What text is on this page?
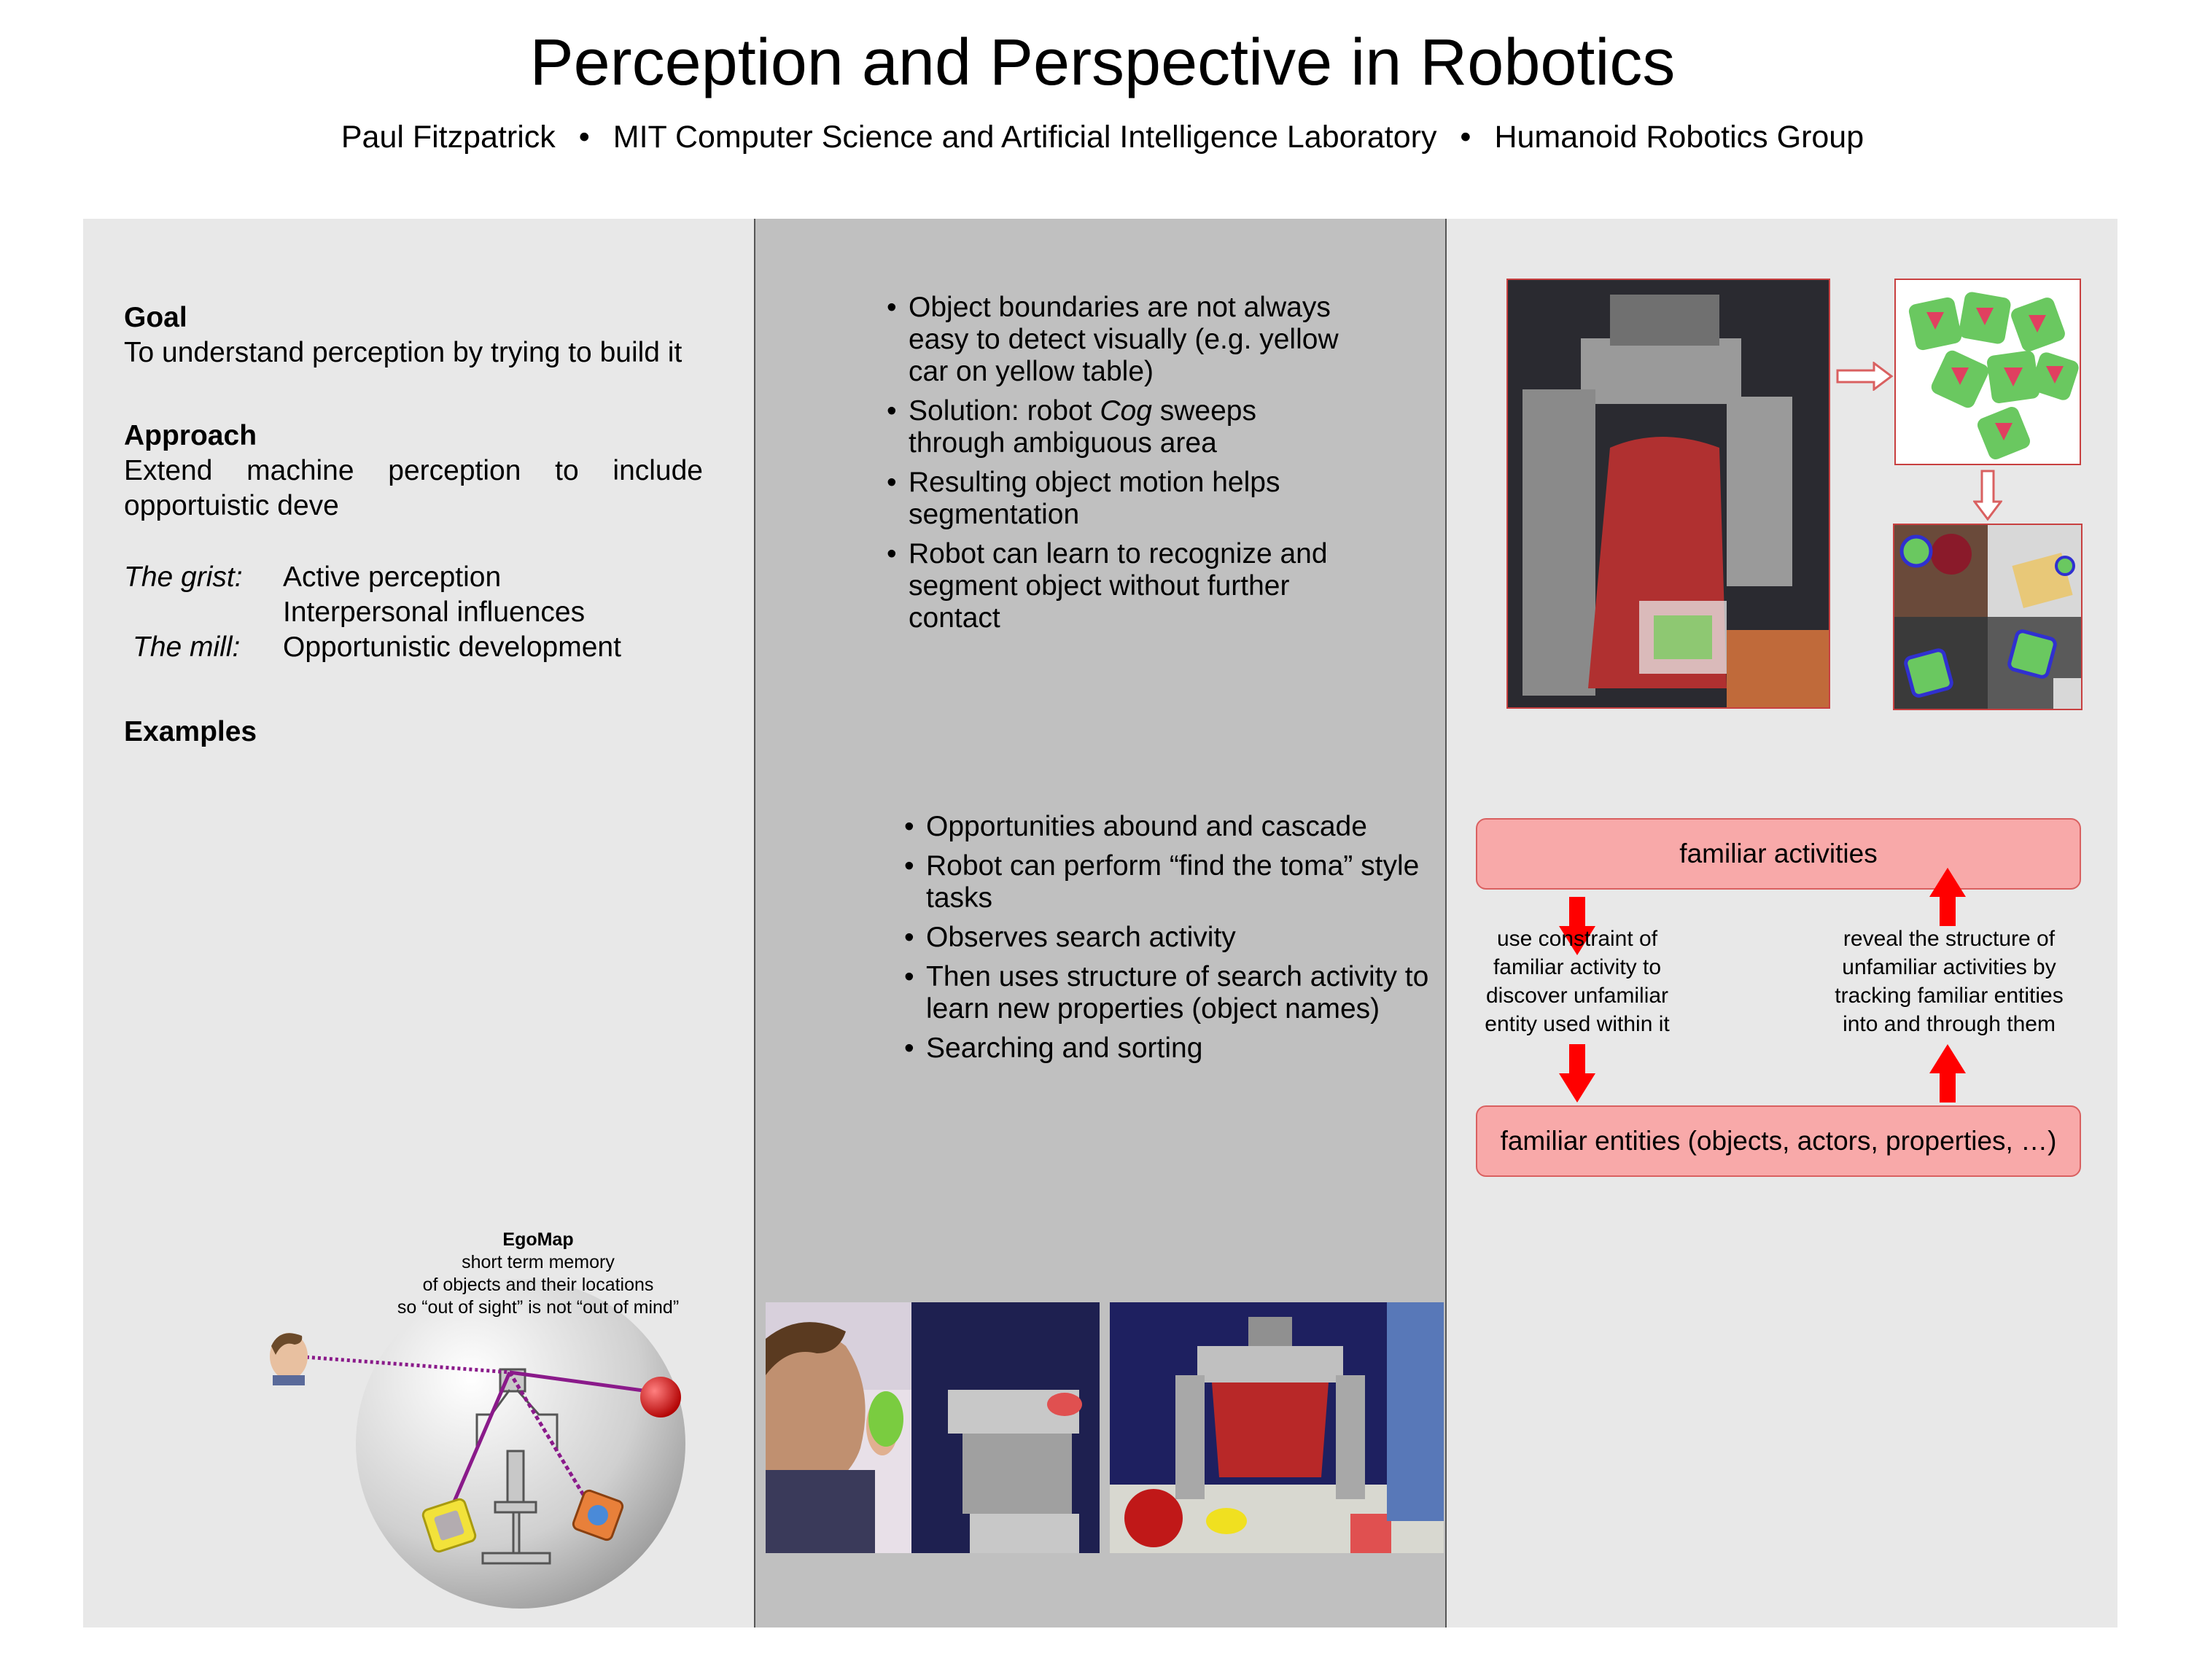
Perception and Perspective in Robotics
Paul Fitzpatrick • MIT Computer Science and Artificial Intelligence Laboratory • Humanoid Robotics Group
Goal
To understand perception by trying to build it
Approach
Extend machine perception to include
opportuistic deve
The grist: Active perception
Interpersonal influences
The mill: Opportunistic development
Examples
EgoMap
short term memory
of objects and their locations
so “out of sight” is not “out of mind”
• Object boundaries are not always easy to detect visually (e.g. yellow car on yellow table)
• Solution: robot Cog sweeps through ambiguous area
• Resulting object motion helps segmentation
• Robot can learn to recognize and segment object without further contact
• Opportunities abound and cascade
• Robot can perform “find the toma” style tasks
• Observes search activity
• Then uses structure of search activity to learn new properties (object names)
• Searching and sorting
familiar activities
use constraint of
familiar activity to
discover unfamiliar
entity used within it
reveal the structure of
unfamiliar activities by
tracking familiar entities
into and through them
familiar entities (objects, actors, properties, …)
